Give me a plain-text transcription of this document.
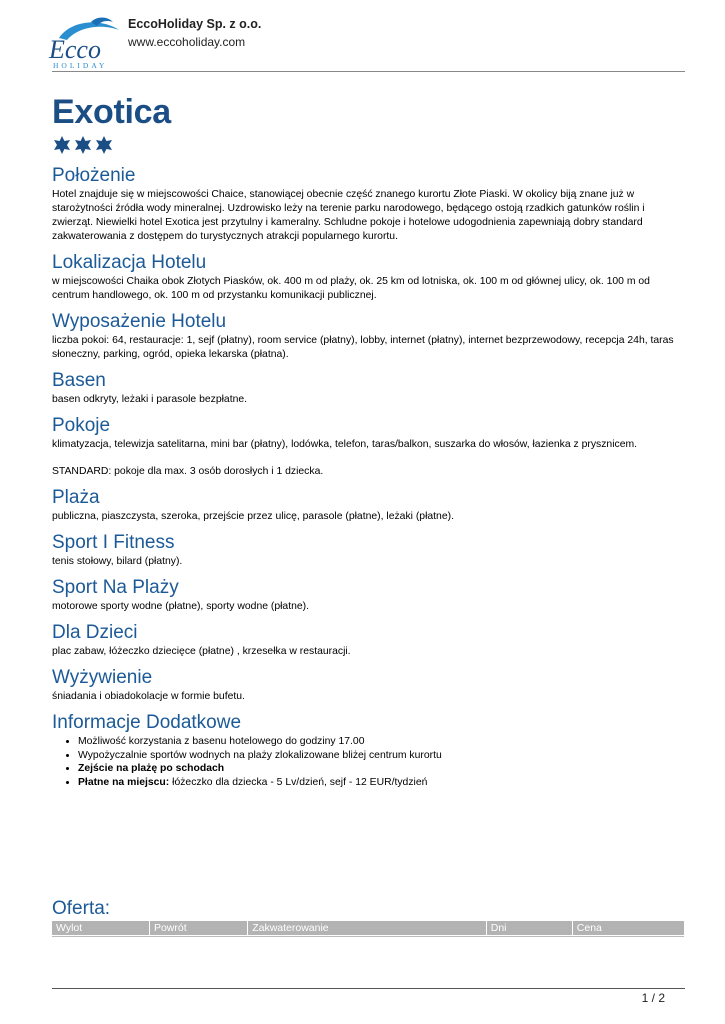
Ecco
HOLIDAY
EccoHoliday Sp. z o.o.
www.eccoholiday.com
Exotica
Położenie

Hotel znajduje się w miejscowości Chaice, stanowiącej obecnie część znanego kurortu Złote Piaski. W okolicy biją znane już w starożytności źródła wody mineralnej. Uzdrowisko leży na terenie parku narodowego, będącego ostoją rzadkich gatunków roślin i zwierząt. Niewielki hotel Exotica jest przytulny i kameralny. Schludne pokoje i hotelowe udogodnienia zapewniają dobry standard zakwaterowania z dostępem do turystycznych atrakcji popularnego kurortu.

Lokalizacja Hotelu

w miejscowości Chaika obok Złotych Piasków, ok. 400 m od plaży, ok. 25 km od lotniska, ok. 100 m od głównej ulicy, ok. 100 m od centrum handlowego, ok. 100 m od przystanku komunikacji publicznej.

Wyposażenie Hotelu

liczba pokoi: 64, restauracje: 1, sejf (płatny), room service (płatny), lobby, internet (płatny), internet bezprzewodowy, recepcja 24h, taras słoneczny, parking, ogród, opieka lekarska (płatna).

Basen

basen odkryty, leżaki i parasole bezpłatne.

Pokoje

klimatyzacja, telewizja satelitarna, mini bar (płatny), lodówka, telefon, taras/balkon, suszarka do włosów, łazienka z prysznicem.

STANDARD: pokoje dla max. 3 osób dorosłych i 1 dziecka.

Plaża

publiczna, piaszczysta, szeroka, przejście przez ulicę, parasole (płatne), leżaki (płatne).

Sport I Fitness

tenis stołowy, bilard (płatny).

Sport Na Plaży

motorowe sporty wodne (płatne), sporty wodne (płatne).

Dla Dzieci

plac zabaw, łóżeczko dziecięce (płatne) , krzesełka w restauracji.

Wyżywienie

śniadania i obiadokolacje w formie bufetu.

Informacje Dodatkowe
• Możliwość korzystania z basenu hotelowego do godziny 17.00
• Wypożyczalnie sportów wodnych na plaży zlokalizowane bliżej centrum kurortu
• Zejście na plażę po schodach
• Płatne na miejscu: łóżeczko dla dziecka - 5 Lv/dzień, sejf - 12 EUR/tydzień
Oferta:
Wylot	Powrót	Zakwaterowanie	Dni	Cena
1 / 2
